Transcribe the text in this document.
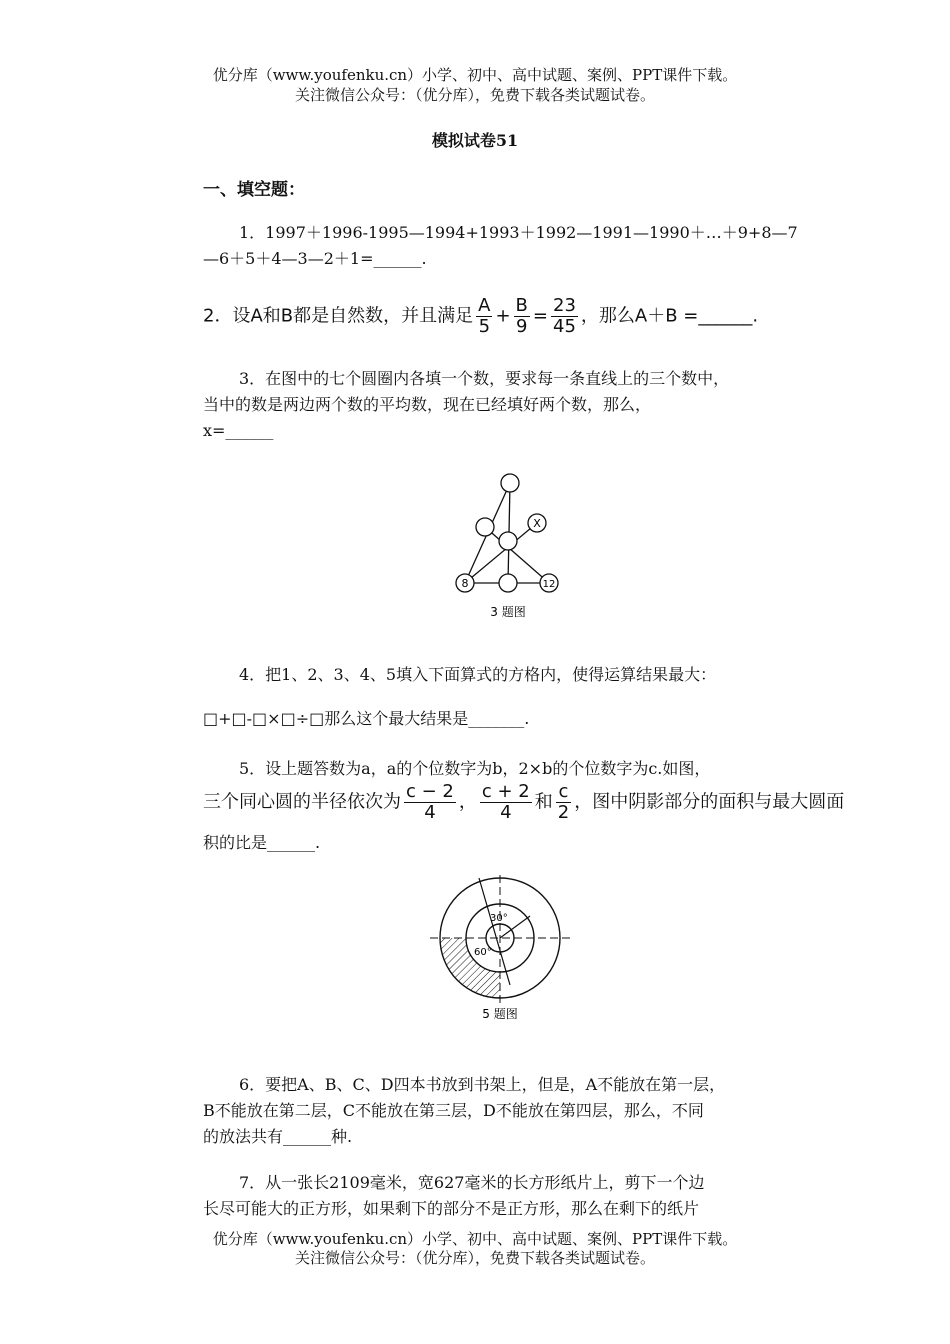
优分库（www.youfenku.cn）小学、初中、高中试题、案例、PPT课件下载。
关注微信公众号：（优分库），免费下载各类试题试卷。
模拟试卷51
一、填空题：
1．1997＋1996-1995—1994+1993＋1992—1991—1990＋…＋9+8—7
—6＋5＋4—3—2＋1=______.
2．设A和B都是自然数，并且满足 $\frac{A}{5} + \frac{B}{9} = \frac{23}{45}$ ，那么A＋B =______.
3．在图中的七个圆圈内各填一个数，要求每一条直线上的三个数中，
当中的数是两边两个数的平均数，现在已经填好两个数，那么，
x=______
X
8	12
3 题图
4．把1、2、3、4、5填入下面算式的方格内，使得运算结果最大：
□+□-□×□÷□那么这个最大结果是_______.
5．设上题答数为a，a的个位数字为b，2×b的个位数字为c.如图，
三个同心圆的半径依次为 $\frac{c - 2}{4}$ ， $\frac{c + 2}{4}$ 和 $\frac{c}{2}$ ，图中阴影部分的面积与最大圆面
积的比是______.
30°
60°
5 题图
6．要把A、B、C、D四本书放到书架上，但是，A不能放在第一层，
B不能放在第二层，C不能放在第三层，D不能放在第四层，那么，不同
的放法共有______种.
7．从一张长2109毫米，宽627毫米的长方形纸片上，剪下一个边
长尽可能大的正方形，如果剩下的部分不是正方形，那么在剩下的纸片
优分库（www.youfenku.cn）小学、初中、高中试题、案例、PPT课件下载。
关注微信公众号：（优分库），免费下载各类试题试卷。
